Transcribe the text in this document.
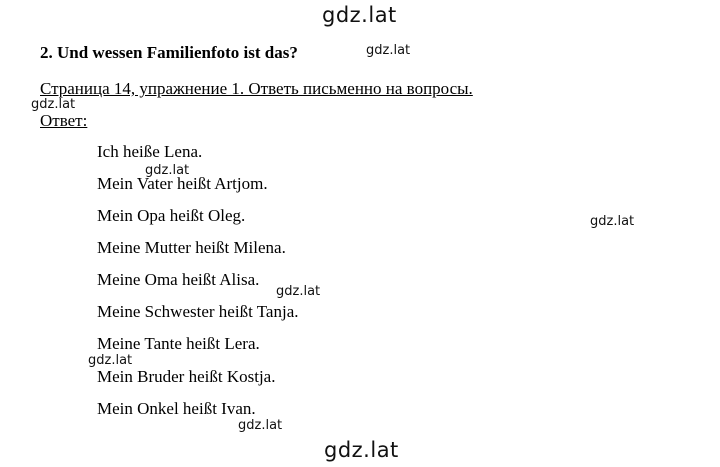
gdz.lat
gdz.lat
2. Und wessen Familienfoto ist das?
Страница 14, упражнение 1. Ответь письменно на вопросы.
Ответ:
Ich heiße Lena.
Mein Vater heißt Artjom.
Mein Opa heißt Oleg.
Meine Mutter heißt Milena.
Meine Oma heißt Alisa.
Meine Schwester heißt Tanja.
Meine Tante heißt Lera.
Mein Bruder heißt Kostja.
Mein Onkel heißt Ivan.
gdz.lat
gdz.lat
gdz.lat
gdz.lat
gdz.lat
gdz.lat
gdz.lat
